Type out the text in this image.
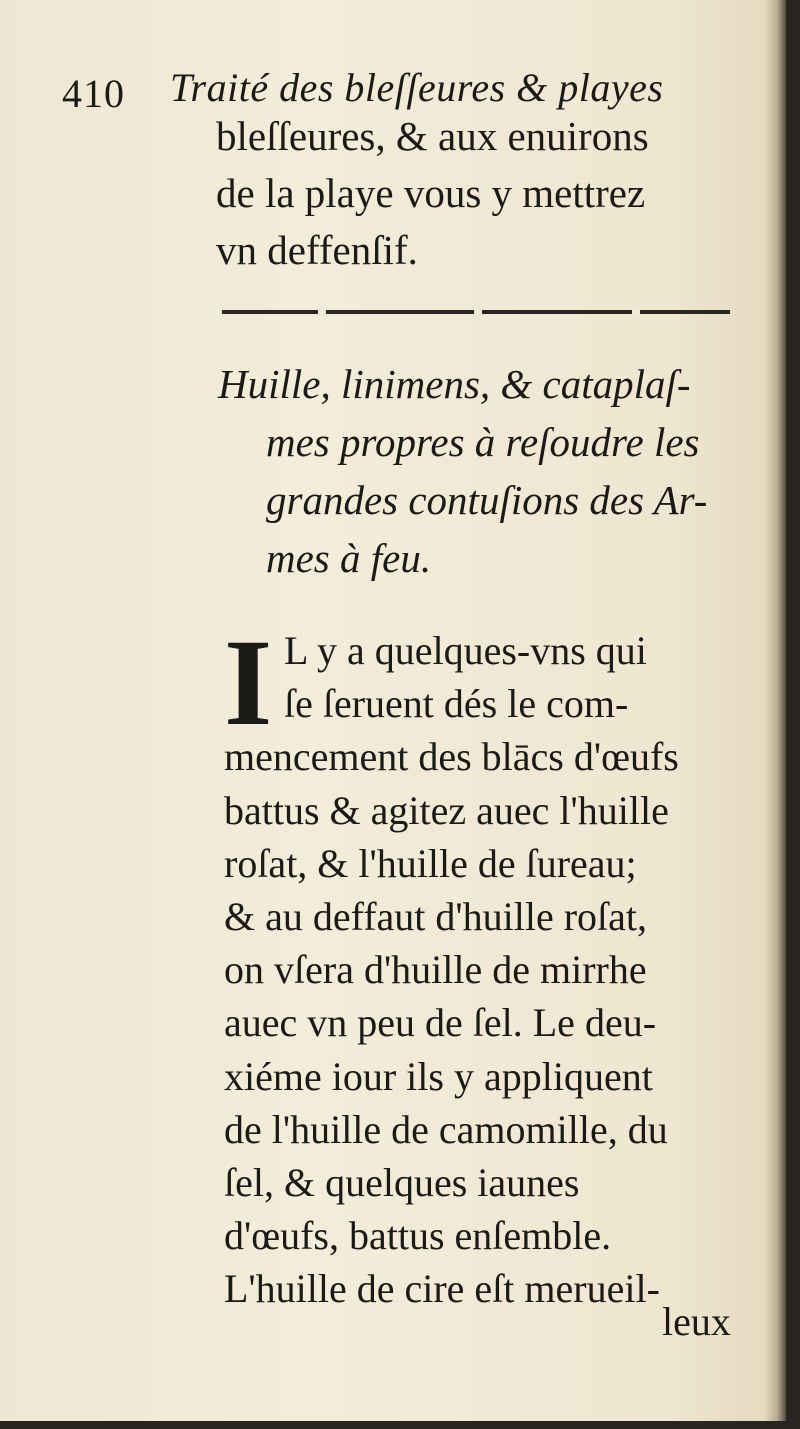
410 Traité des bleſſeures & playes
bleſſeures, & aux enuirons
de la playe vous y mettrez
vn deffenſif.
Huille, linimens, & cataplaſ-
mes propres à reſoudre les
grandes contuſions des Ar-
mes à feu.
I L y a quelques-vns qui
ſe ſeruent dés le com-
mencement des blācs d'œufs
battus & agitez auec l'huille
roſat, & l'huille de ſureau;
& au deffaut d'huille roſat,
on vſera d'huille de mirrhe
auec vn peu de ſel. Le deu-
xiéme iour ils y appliquent
de l'huille de camomille, du
ſel, & quelques iaunes
d'œufs, battus enſemble.
L'huille de cire eſt merueil-
leux
